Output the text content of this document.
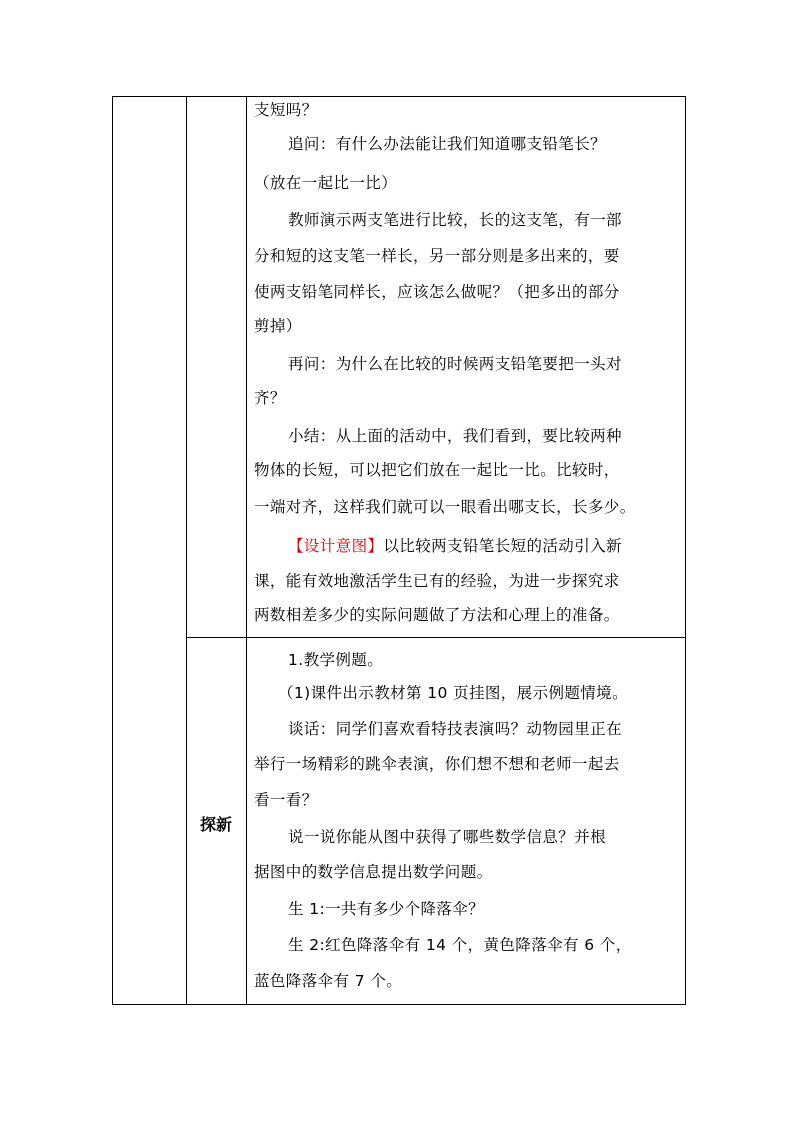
支短吗？
追问：有什么办法能让我们知道哪支铅笔长？
（放在一起比一比）
教师演示两支笔进行比较，长的这支笔，有一部
分和短的这支笔一样长，另一部分则是多出来的，要
使两支铅笔同样长，应该怎么做呢？（把多出的部分
剪掉）
再问：为什么在比较的时候两支铅笔要把一头对
齐？
小结：从上面的活动中，我们看到，要比较两种
物体的长短，可以把它们放在一起比一比。比较时，
一端对齐，这样我们就可以一眼看出哪支长，长多少。
【设计意图】以比较两支铅笔长短的活动引入新
课，能有效地激活学生已有的经验，为进一步探究求
两数相差多少的实际问题做了方法和心理上的准备。
探新
1.教学例题。
（1)课件出示教材第 10 页挂图，展示例题情境。
谈话：同学们喜欢看特技表演吗？动物园里正在
举行一场精彩的跳伞表演，你们想不想和老师一起去
看一看？
说一说你能从图中获得了哪些数学信息？并根
据图中的数学信息提出数学问题。
生 1:一共有多少个降落伞？
生 2:红色降落伞有 14 个，黄色降落伞有 6 个，
蓝色降落伞有 7 个。
